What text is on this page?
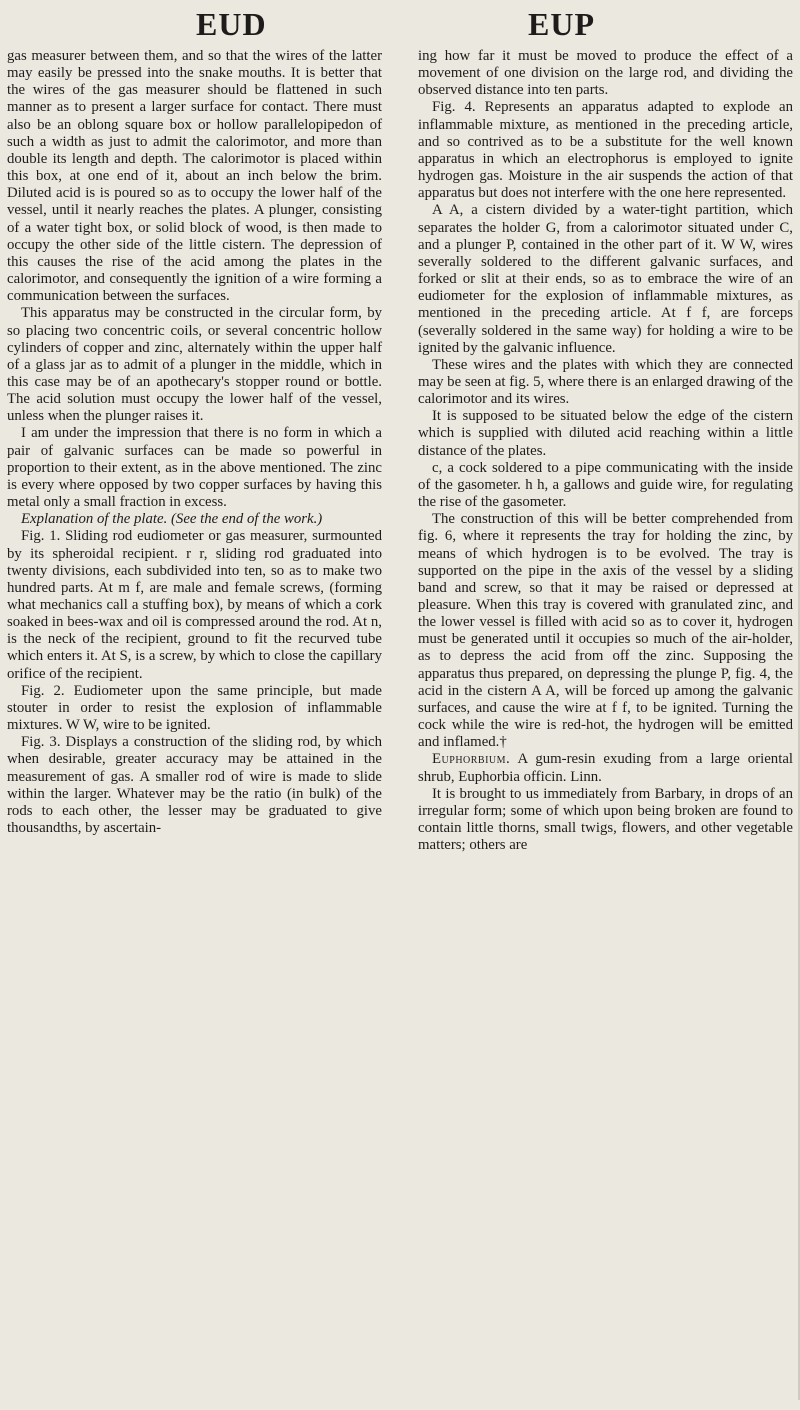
EUD	EUP

gas measurer between them, and so that the wires of the latter may easily be pressed into the snake mouths. It is better that the wires of the gas measurer should be flattened in such manner as to present a larger surface for contact. There must also be an oblong square box or hollow parallelopipedon of such a width as just to admit the calorimotor, and more than double its length and depth. The calorimotor is placed within this box, at one end of it, about an inch below the brim. Diluted acid is is poured so as to occupy the lower half of the vessel, until it nearly reaches the plates. A plunger, consisting of a water tight box, or solid block of wood, is then made to occupy the other side of the little cistern. The depression of this causes the rise of the acid among the plates in the calorimotor, and consequently the ignition of a wire forming a communication between the surfaces.

This apparatus may be constructed in the circular form, by so placing two concentric coils, or several concentric hollow cylinders of copper and zinc, alternately within the upper half of a glass jar as to admit of a plunger in the middle, which in this case may be of an apothecary's stopper round or bottle. The acid solution must occupy the lower half of the vessel, unless when the plunger raises it.

I am under the impression that there is no form in which a pair of galvanic surfaces can be made so powerful in proportion to their extent, as in the above mentioned. The zinc is every where opposed by two copper surfaces by having this metal only a small fraction in excess.

Explanation of the plate. (See the end of the work.)

Fig. 1. Sliding rod eudiometer or gas measurer, surmounted by its spheroidal recipient. r r, sliding rod graduated into twenty divisions, each subdivided into ten, so as to make two hundred parts. At m f, are male and female screws, (forming what mechanics call a stuffing box), by means of which a cork soaked in bees-wax and oil is compressed around the rod. At n, is the neck of the recipient, ground to fit the recurved tube which enters it. At S, is a screw, by which to close the capillary orifice of the recipient.

Fig. 2. Eudiometer upon the same principle, but made stouter in order to resist the explosion of inflammable mixtures. W W, wire to be ignited.

Fig. 3. Displays a construction of the sliding rod, by which when desirable, greater accuracy may be attained in the measurement of gas. A smaller rod of wire is made to slide within the larger. Whatever may be the ratio (in bulk) of the rods to each other, the lesser may be graduated to give thousandths, by ascertain-

ing how far it must be moved to produce the effect of a movement of one division on the large rod, and dividing the observed distance into ten parts.

Fig. 4. Represents an apparatus adapted to explode an inflammable mixture, as mentioned in the preceding article, and so contrived as to be a substitute for the well known apparatus in which an electrophorus is employed to ignite hydrogen gas. Moisture in the air suspends the action of that apparatus but does not interfere with the one here represented.

A A, a cistern divided by a water-tight partition, which separates the holder G, from a calorimotor situated under C, and a plunger P, contained in the other part of it. W W, wires severally soldered to the different galvanic surfaces, and forked or slit at their ends, so as to embrace the wire of an eudiometer for the explosion of inflammable mixtures, as mentioned in the preceding article. At f f, are forceps (severally soldered in the same way) for holding a wire to be ignited by the galvanic influence.

These wires and the plates with which they are connected may be seen at fig. 5, where there is an enlarged drawing of the calorimotor and its wires.

It is supposed to be situated below the edge of the cistern which is supplied with diluted acid reaching within a little distance of the plates.

c, a cock soldered to a pipe communicating with the inside of the gasometer. h h, a gallows and guide wire, for regulating the rise of the gasometer.

The construction of this will be better comprehended from fig. 6, where it represents the tray for holding the zinc, by means of which hydrogen is to be evolved. The tray is supported on the pipe in the axis of the vessel by a sliding band and screw, so that it may be raised or depressed at pleasure. When this tray is covered with granulated zinc, and the lower vessel is filled with acid so as to cover it, hydrogen must be generated until it occupies so much of the air-holder, as to depress the acid from off the zinc. Supposing the apparatus thus prepared, on depressing the plunge P, fig. 4, the acid in the cistern A A, will be forced up among the galvanic surfaces, and cause the wire at f f, to be ignited. Turning the cock while the wire is red-hot, the hydrogen will be emitted and inflamed.†

Euphorbium. A gum-resin exuding from a large oriental shrub, Euphorbia officin. Linn.

It is brought to us immediately from Barbary, in drops of an irregular form; some of which upon being broken are found to contain little thorns, small twigs, flowers, and other vegetable matters; others are
